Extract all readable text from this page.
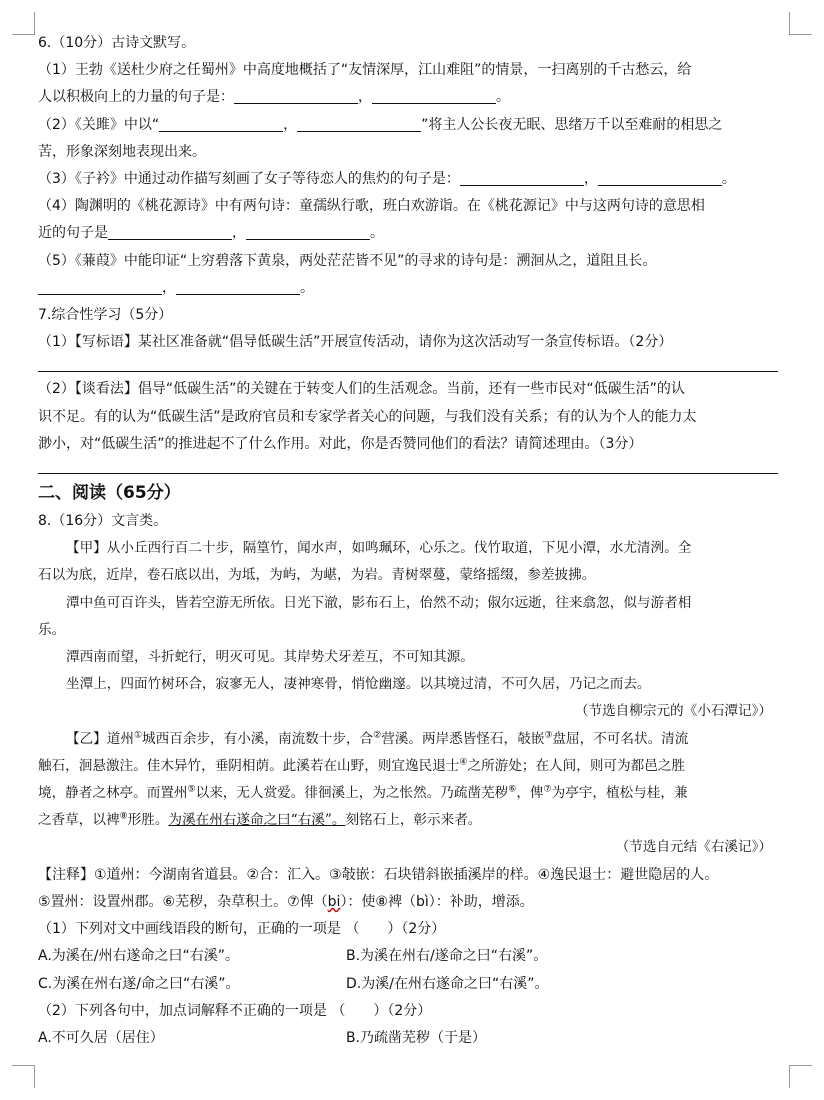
6.（10分）古诗文默写。
（1）王勃《送杜少府之任蜀州》中高度地概括了“友情深厚，江山难阻”的情景，一扫离别的千古愁云，给
人以积极向上的力量的句子是：	，	。
（2）《关雎》中以“	，	”将主人公长夜无眠、思绪万千以至难耐的相思之
苦，形象深刻地表现出来。
（3）《子衿》中通过动作描写刻画了女子等待恋人的焦灼的句子是：	，	。
（4）陶渊明的《桃花源诗》中有两句诗：童孺纵行歌，班白欢游诣。在《桃花源记》中与这两句诗的意思相
近的句子是	，	。
（5）《蒹葭》中能印证“上穷碧落下黄泉，两处茫茫皆不见”的寻求的诗句是：溯洄从之，道阻且长。
，	。
7.综合性学习（5分）
（1）【写标语】某社区准备就“倡导低碳生活”开展宣传活动，请你为这次活动写一条宣传标语。（2分）
（2）【谈看法】倡导“低碳生活”的关键在于转变人们的生活观念。当前，还有一些市民对“低碳生活”的认
识不足。有的认为“低碳生活”是政府官员和专家学者关心的问题，与我们没有关系；有的认为个人的能力太
渺小，对“低碳生活”的推进起不了什么作用。对此，你是否赞同他们的看法？请简述理由。（3分）
二、阅读（65分）
8.（16分）文言类。
【甲】从小丘西行百二十步，隔篁竹，闻水声，如鸣珮环，心乐之。伐竹取道，下见小潭，水尤清洌。全
石以为底，近岸，卷石底以出，为坻，为屿，为嵁，为岩。青树翠蔓，蒙络摇缀，参差披拂。
潭中鱼可百许头，皆若空游无所依。日光下澈，影布石上，佁然不动；俶尔远逝，往来翕忽，似与游者相
乐。
潭西南而望，斗折蛇行，明灭可见。其岸势犬牙差互，不可知其源。
坐潭上，四面竹树环合，寂寥无人，凄神寒骨，悄怆幽邃。以其境过清，不可久居，乃记之而去。
（节选自柳宗元的《小石潭记》）
【乙】道州①城西百余步，有小溪，南流数十步，合②营溪。两岸悉皆怪石，攲嵌③盘屈，不可名状。清流
触石，洄悬激注。佳木异竹，垂阴相荫。此溪若在山野，则宜逸民退士④之所游处；在人间，则可为都邑之胜
境，静者之林亭。而置州⑤以来，无人赏爱。徘徊溪上，为之怅然。乃疏凿芜秽⑥，俾⑦为亭宇，植松与桂，兼
之香草，以裨⑧形胜。为溪在州右遂命之曰“右溪”。刻铭石上，彰示来者。
（节选自元结《右溪记》）
【注释】①道州：今湖南省道县。②合：汇入。③攲嵌：石块错斜嵌插溪岸的样。④逸民退士：避世隐居的人。
⑤置州：设置州郡。⑥芜秽，杂草积土。⑦俾（bi）：使⑧裨（bì）：补助，增添。
（1）下列对文中画线语段的断句，正确的一项是 （　　）（2分）
A.为溪在/州右遂命之曰“右溪”。	B.为溪在州右/遂命之曰“右溪”。
C.为溪在州右遂/命之曰“右溪”。	D.为溪/在州右遂命之曰“右溪”。
（2）下列各句中，加点词解释不正确的一项是 （　　）（2分）
A.不可久居（居住）	B.乃疏凿芜秽（于是）
